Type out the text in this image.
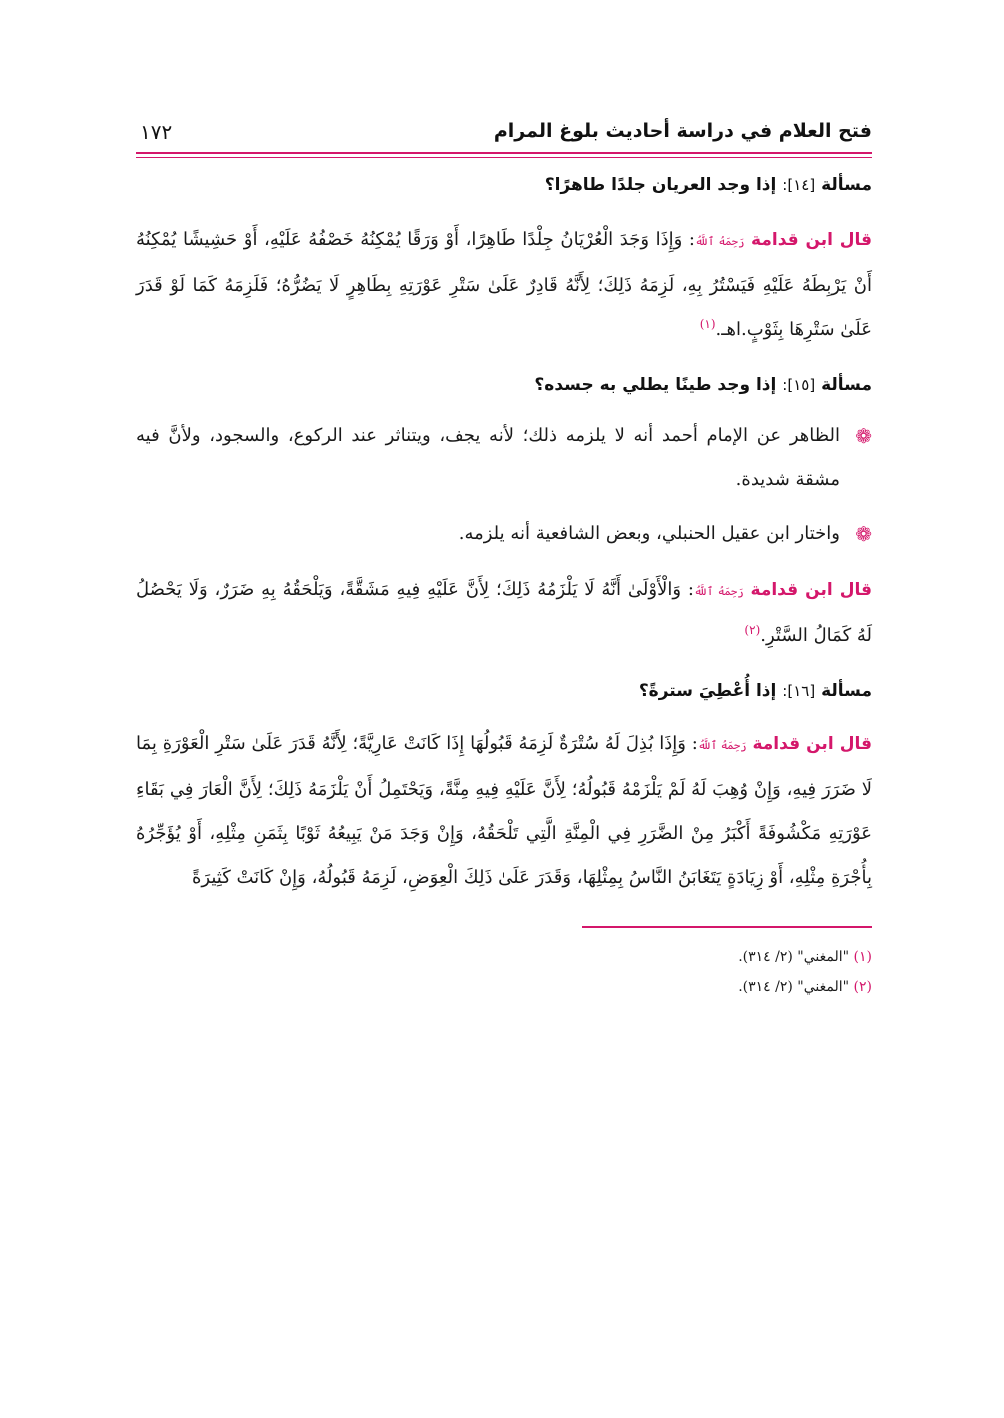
فتح العلام في دراسة أحاديث بلوغ المرام
١٧٢

مسألة [١٤]: إذا وجد العريان جلدًا طاهرًا؟

قال ابن قدامة رَحِمَهُ ٱللَّهُ: وَإِذَا وَجَدَ الْعُرْيَانُ جِلْدًا طَاهِرًا، أَوْ وَرَقًا يُمْكِنُهُ خَصْفُهُ عَلَيْهِ، أَوْ حَشِيشًا يُمْكِنُهُ أَنْ يَرْبِطَهُ عَلَيْهِ فَيَسْتُرُ بِهِ، لَزِمَهُ ذَلِكَ؛ لِأَنَّهُ قَادِرٌ عَلَىٰ سَتْرِ عَوْرَتِهِ بِطَاهِرٍ لَا يَضُرُّهُ؛ فَلَزِمَهُ كَمَا لَوْ قَدَرَ عَلَىٰ سَتْرِهَا بِثَوْبٍ.اهـ.$^{(١)}$

مسألة [١٥]: إذا وجد طينًا يطلي به جسده؟

❁

الظاهر عن الإمام أحمد أنه لا يلزمه ذلك؛ لأنه يجف، ويتناثر عند الركوع، والسجود، ولأنَّ فيه مشقة شديدة.

❁

واختار ابن عقيل الحنبلي، وبعض الشافعية أنه يلزمه.

قال ابن قدامة رَحِمَهُ ٱللَّهُ: وَالْأَوْلَىٰ أَنَّهُ لَا يَلْزَمُهُ ذَلِكَ؛ لِأَنَّ عَلَيْهِ فِيهِ مَشَقَّةً، وَيَلْحَقُهُ بِهِ ضَرَرٌ، وَلَا يَحْصُلُ لَهُ كَمَالُ السَّتْرِ.$^{(٢)}$

مسألة [١٦]: إذا أُعْطِيَ سترةً؟

قال ابن قدامة رَحِمَهُ ٱللَّهُ: وَإِذَا بُذِلَ لَهُ سُتْرَةٌ لَزِمَهُ قَبُولُهَا إِذَا كَانَتْ عَارِيَّةً؛ لِأَنَّهُ قَدَرَ عَلَىٰ سَتْرِ الْعَوْرَةِ بِمَا لَا ضَرَرَ فِيهِ، وَإِنْ وُهِبَ لَهُ لَمْ يَلْزَمْهُ قَبُولُهُ؛ لِأَنَّ عَلَيْهِ فِيهِ مِنَّةً، وَيَحْتَمِلُ أَنْ يَلْزَمَهُ ذَلِكَ؛ لِأَنَّ الْعَارَ فِي بَقَاءِ عَوْرَتِهِ مَكْشُوفَةً أَكْبَرُ مِنْ الضَّرَرِ فِي الْمِنَّةِ الَّتِي تَلْحَقُهُ، وَإِنْ وَجَدَ مَنْ يَبِيعُهُ ثَوْبًا بِثَمَنِ مِثْلِهِ، أَوْ يُؤَجِّرُهُ بِأُجْرَةِ مِثْلِهِ، أَوْ زِيَادَةٍ يَتَغَابَنُ النَّاسُ بِمِثْلِهَا، وَقَدَرَ عَلَىٰ ذَلِكَ الْعِوَضِ، لَزِمَهُ قَبُولُهُ، وَإِنْ كَانَتْ كَثِيرَةً

(١) "المغني" (٢/ ٣١٤).

(٢) "المغني" (٢/ ٣١٤).
